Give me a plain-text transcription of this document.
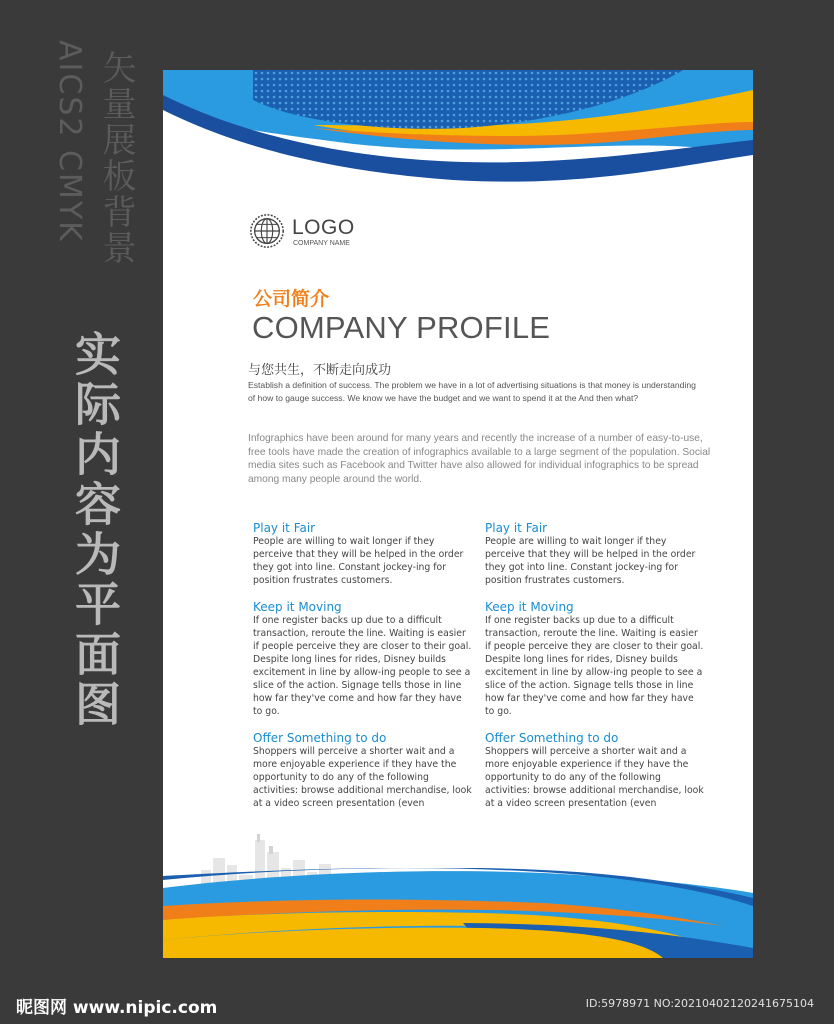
AICS2 CMYK 矢量展板背景
实际内容为平面图
LOGO
COMPANY NAME
公司简介
COMPANY PROFILE
与您共生，不断走向成功
Establish a definition of success. The problem we have in a lot of advertising situations is that money is understanding of how to gauge success. We know we have the budget and we want to spend it at the And then what?
Infographics have been around for many years and recently the increase of a number of easy-to-use, free tools have made the creation of infographics available to a large segment of the population. Social media sites such as Facebook and Twitter have also allowed for individual infographics to be spread among many people around the world.

Play it Fair

People are willing to wait longer if they perceive that they will be helped in the order they got into line. Constant jockey-ing for position frustrates customers.

Keep it Moving

If one register backs up due to a difficult transaction, reroute the line. Waiting is easier if people perceive they are closer to their goal. Despite long lines for rides, Disney builds excitement in line by allow-ing people to see a slice of the action. Signage tells those in line how far they've come and how far they have to go.

Offer Something to do

Shoppers will perceive a shorter wait and a more enjoyable experience if they have the opportunity to do any of the following activities: browse additional merchandise, look at a video screen presentation (even

Play it Fair

People are willing to wait longer if they perceive that they will be helped in the order they got into line. Constant jockey-ing for position frustrates customers.

Keep it Moving

If one register backs up due to a difficult transaction, reroute the line. Waiting is easier if people perceive they are closer to their goal. Despite long lines for rides, Disney builds excitement in line by allow-ing people to see a slice of the action. Signage tells those in line how far they've come and how far they have to go.

Offer Something to do

Shoppers will perceive a shorter wait and a more enjoyable experience if they have the opportunity to do any of the following activities: browse additional merchandise, look at a video screen presentation (even

昵图网 www.nipic.com	ID:5978971 NO:20210402120241675104
